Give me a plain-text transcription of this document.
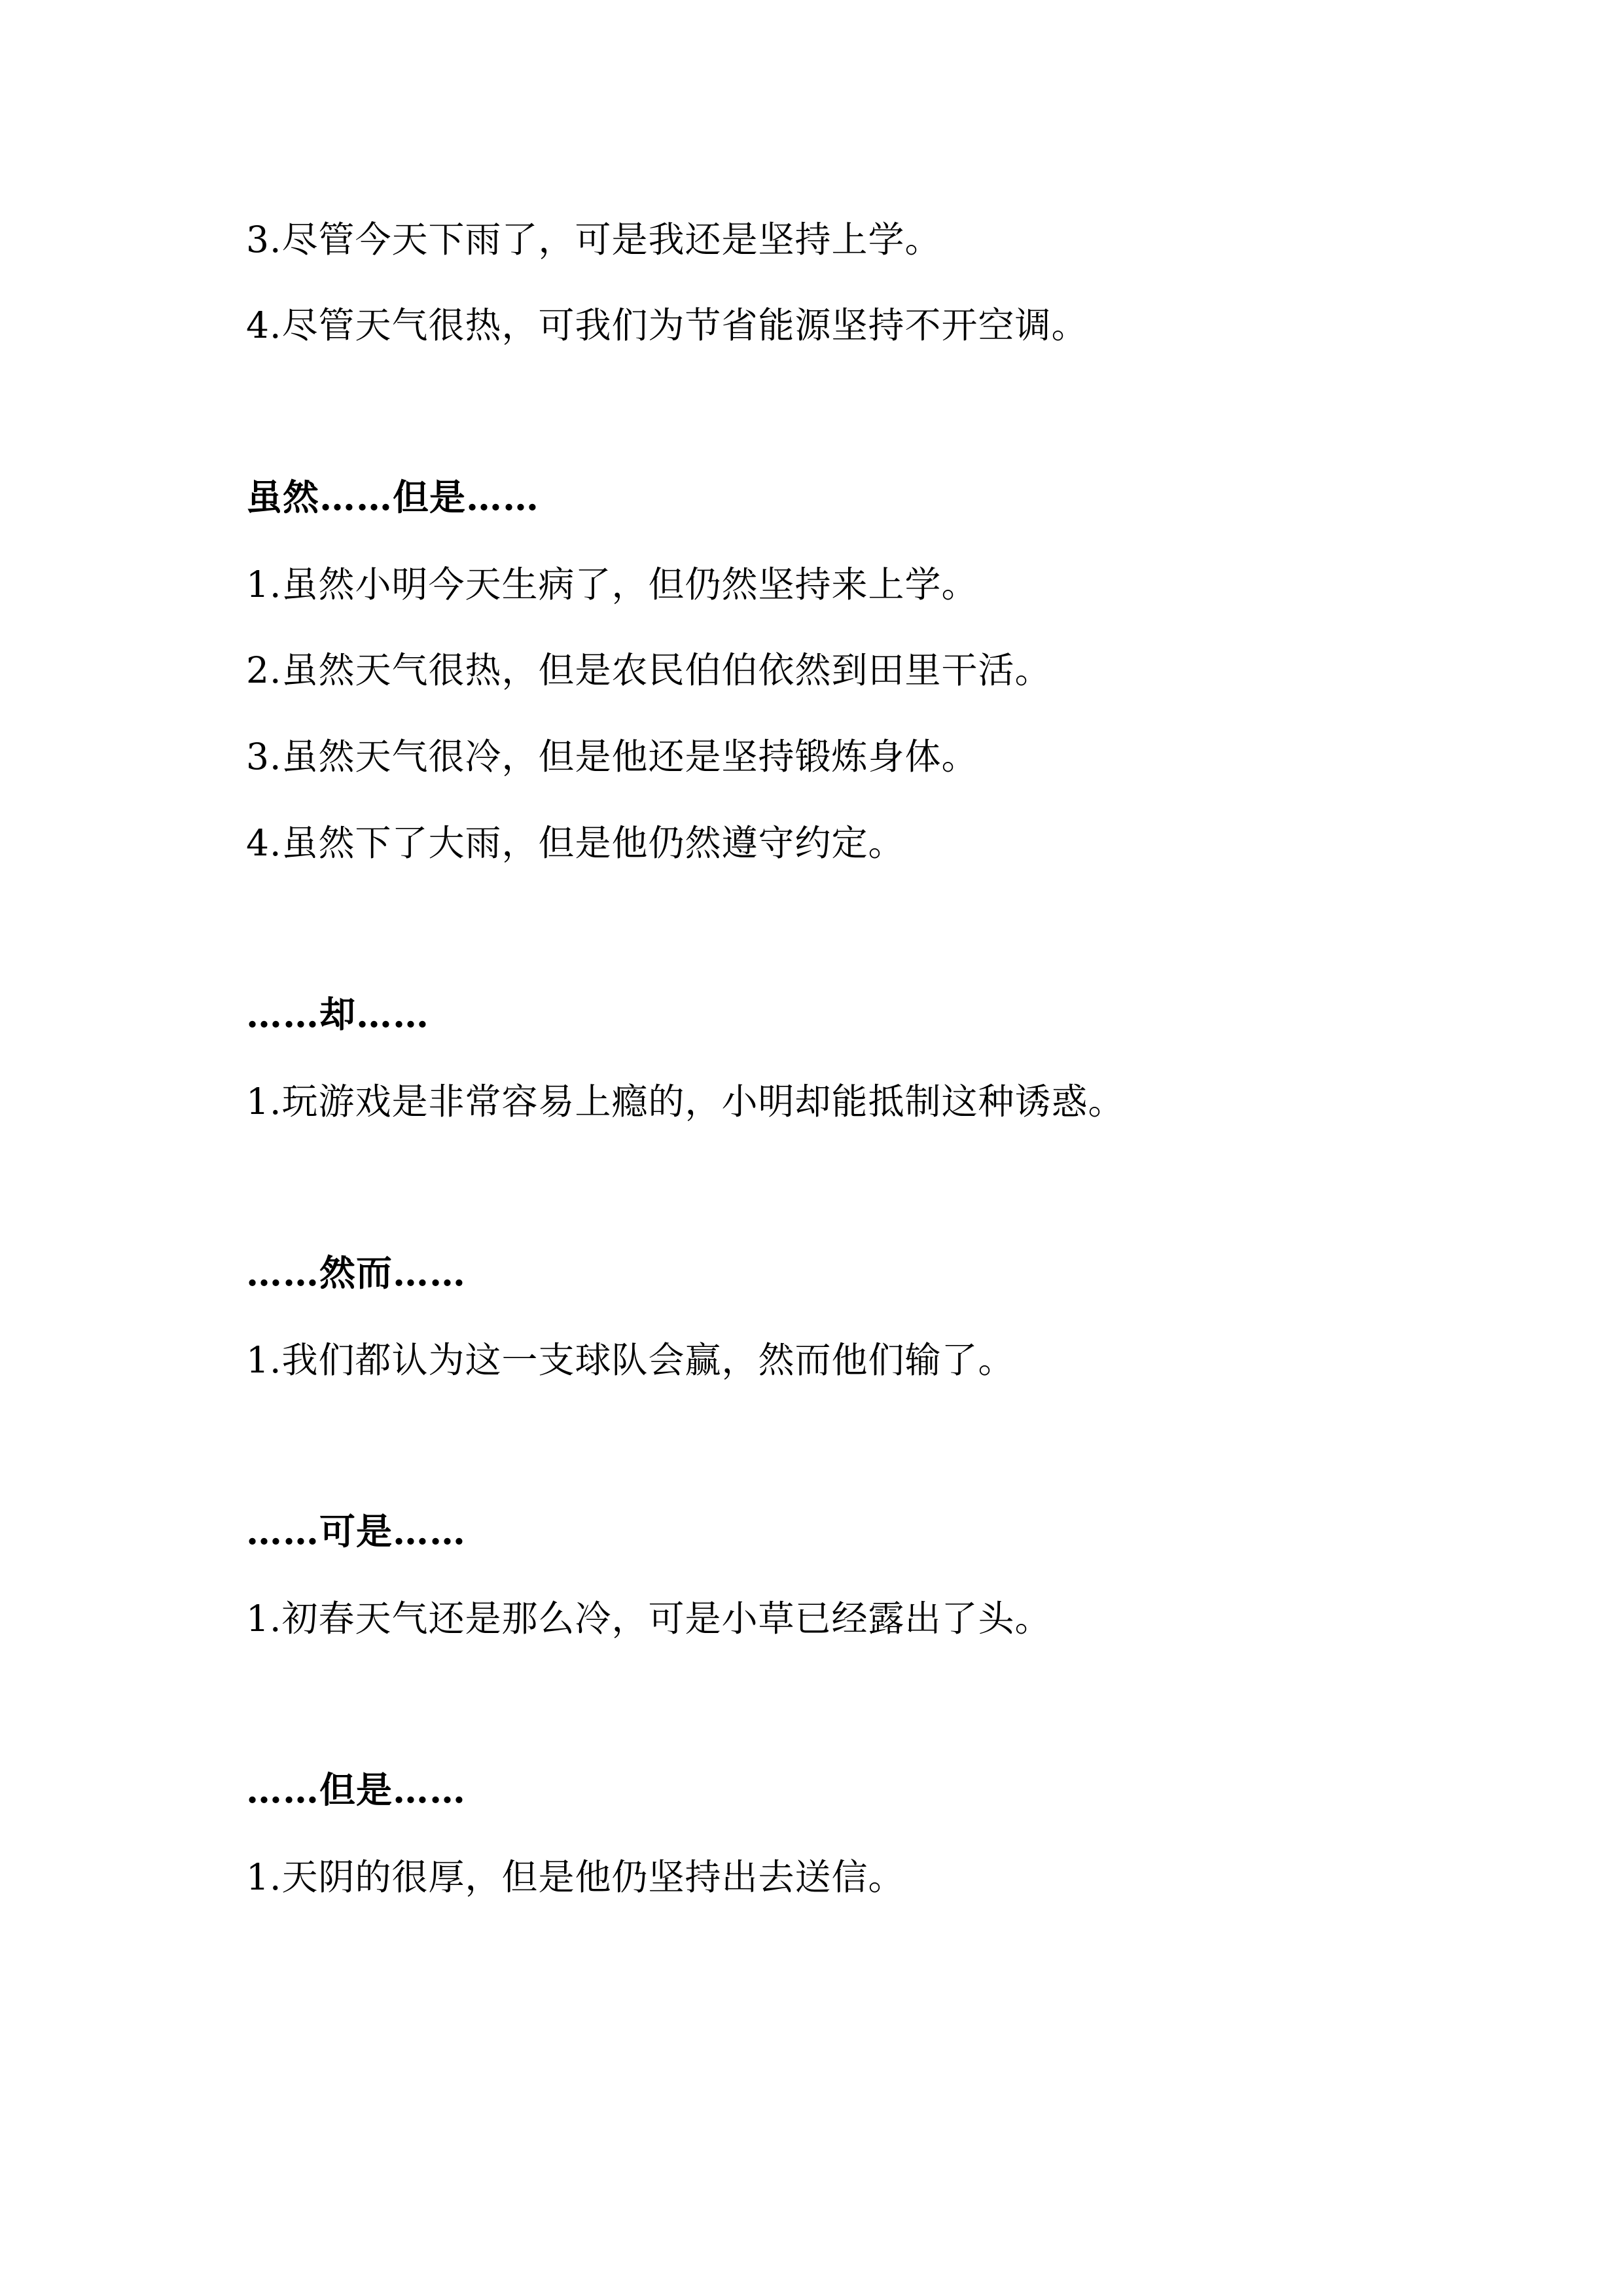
3.尽管今天下雨了，可是我还是坚持上学。
4.尽管天气很热，可我们为节省能源坚持不开空调。
虽然……但是……
1.虽然小明今天生病了，但仍然坚持来上学。
2.虽然天气很热，但是农民伯伯依然到田里干活。
3.虽然天气很冷，但是他还是坚持锻炼身体。
4.虽然下了大雨，但是他仍然遵守约定。
……却……
1.玩游戏是非常容易上瘾的，小明却能抵制这种诱惑。
……然而……
1.我们都认为这一支球队会赢，然而他们输了。
……可是……
1.初春天气还是那么冷，可是小草已经露出了头。
……但是……
1.天阴的很厚，但是他仍坚持出去送信。
